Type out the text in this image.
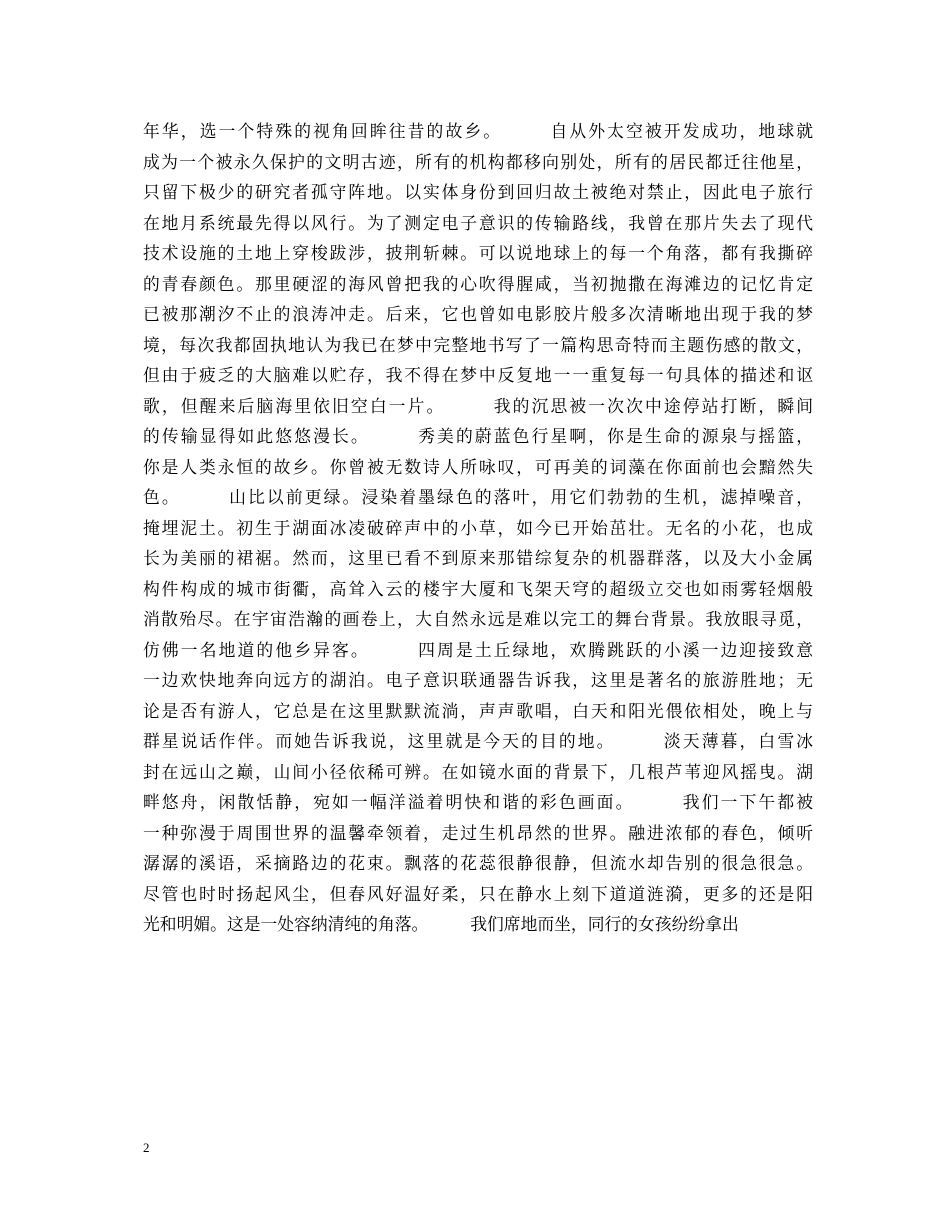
年华，选一个特殊的视角回眸往昔的故乡。　　　自从外太空被开发成功，地球就
成为一个被永久保护的文明古迹，所有的机构都移向别处，所有的居民都迁往他星，
只留下极少的研究者孤守阵地。以实体身份到回归故土被绝对禁止，因此电子旅行
在地月系统最先得以风行。为了测定电子意识的传输路线，我曾在那片失去了现代
技术设施的土地上穿梭跋涉，披荆斩棘。可以说地球上的每一个角落，都有我撕碎
的青春颜色。那里硬涩的海风曾把我的心吹得腥咸，当初抛撒在海滩边的记忆肯定
已被那潮汐不止的浪涛冲走。后来，它也曾如电影胶片般多次清晰地出现于我的梦
境，每次我都固执地认为我已在梦中完整地书写了一篇构思奇特而主题伤感的散文，
但由于疲乏的大脑难以贮存，我不得在梦中反复地一一重复每一句具体的描述和讴
歌，但醒来后脑海里依旧空白一片。　　　我的沉思被一次次中途停站打断，瞬间
的传输显得如此悠悠漫长。　　　秀美的蔚蓝色行星啊，你是生命的源泉与摇篮，
你是人类永恒的故乡。你曾被无数诗人所咏叹，可再美的词藻在你面前也会黯然失
色。　　　山比以前更绿。浸染着墨绿色的落叶，用它们勃勃的生机，滤掉噪音，
掩埋泥土。初生于湖面冰凌破碎声中的小草，如今已开始茁壮。无名的小花，也成
长为美丽的裙裾。然而，这里已看不到原来那错综复杂的机器群落，以及大小金属
构件构成的城市街衢，高耸入云的楼宇大厦和飞架天穹的超级立交也如雨雾轻烟般
消散殆尽。在宇宙浩瀚的画卷上，大自然永远是难以完工的舞台背景。我放眼寻觅，
仿佛一名地道的他乡异客。　　　四周是土丘绿地，欢腾跳跃的小溪一边迎接致意
一边欢快地奔向远方的湖泊。电子意识联通器告诉我，这里是著名的旅游胜地；无
论是否有游人，它总是在这里默默流淌，声声歌唱，白天和阳光偎依相处，晚上与
群星说话作伴。而她告诉我说，这里就是今天的目的地。　　　淡天薄暮，白雪冰
封在远山之巅，山间小径依稀可辨。在如镜水面的背景下，几根芦苇迎风摇曳。湖
畔悠舟，闲散恬静，宛如一幅洋溢着明快和谐的彩色画面。　　　我们一下午都被
一种弥漫于周围世界的温馨牵领着，走过生机昂然的世界。融进浓郁的春色，倾听
潺潺的溪语，采摘路边的花束。飘落的花蕊很静很静，但流水却告别的很急很急。
尽管也时时扬起风尘，但春风好温好柔，只在静水上刻下道道涟漪，更多的还是阳
光和明媚。这是一处容纳清纯的角落。　　　我们席地而坐，同行的女孩纷纷拿出
2
